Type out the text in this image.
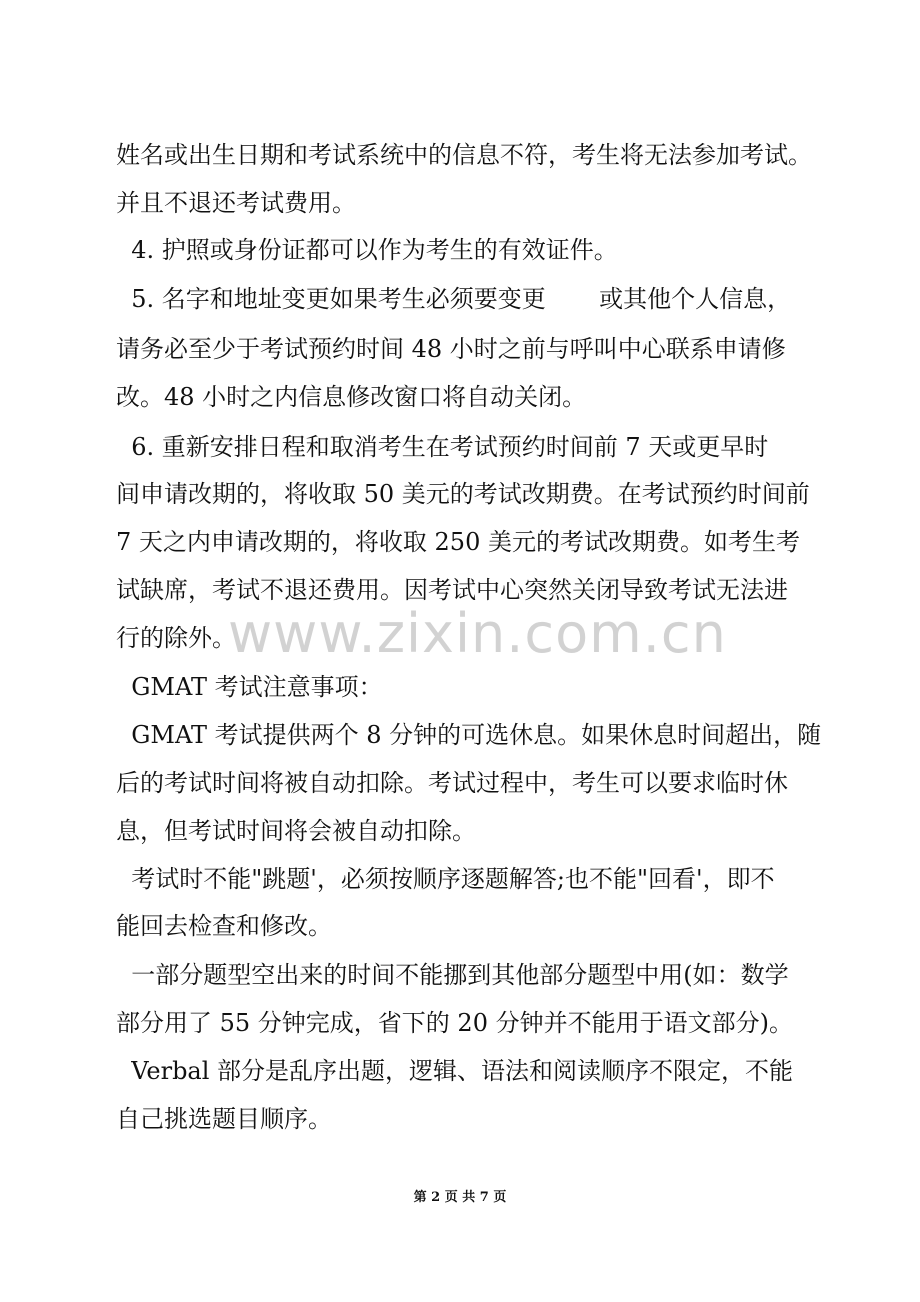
姓名或出生日期和考试系统中的信息不符，考生将无法参加考试。
并且不退还考试费用。
4. 护照或身份证都可以作为考生的有效证件。
5. 名字和地址变更如果考生必须要变更       或其他个人信息，
请务必至少于考试预约时间 48 小时之前与呼叫中心联系申请修
改。48 小时之内信息修改窗口将自动关闭。
6. 重新安排日程和取消考生在考试预约时间前 7 天或更早时
间申请改期的，将收取 50 美元的考试改期费。在考试预约时间前
7 天之内申请改期的，将收取 250 美元的考试改期费。如考生考
试缺席，考试不退还费用。因考试中心突然关闭导致考试无法进
行的除外。
GMAT 考试注意事项：
GMAT 考试提供两个 8 分钟的可选休息。如果休息时间超出，随
后的考试时间将被自动扣除。考试过程中，考生可以要求临时休
息，但考试时间将会被自动扣除。
考试时不能"跳题'，必须按顺序逐题解答;也不能"回看'，即不
能回去检查和修改。
一部分题型空出来的时间不能挪到其他部分题型中用(如：数学
部分用了 55 分钟完成，省下的 20 分钟并不能用于语文部分)。
Verbal 部分是乱序出题，逻辑、语法和阅读顺序不限定，不能
自己挑选题目顺序。
www.zixin.com.cn
第 2 页 共 7 页
